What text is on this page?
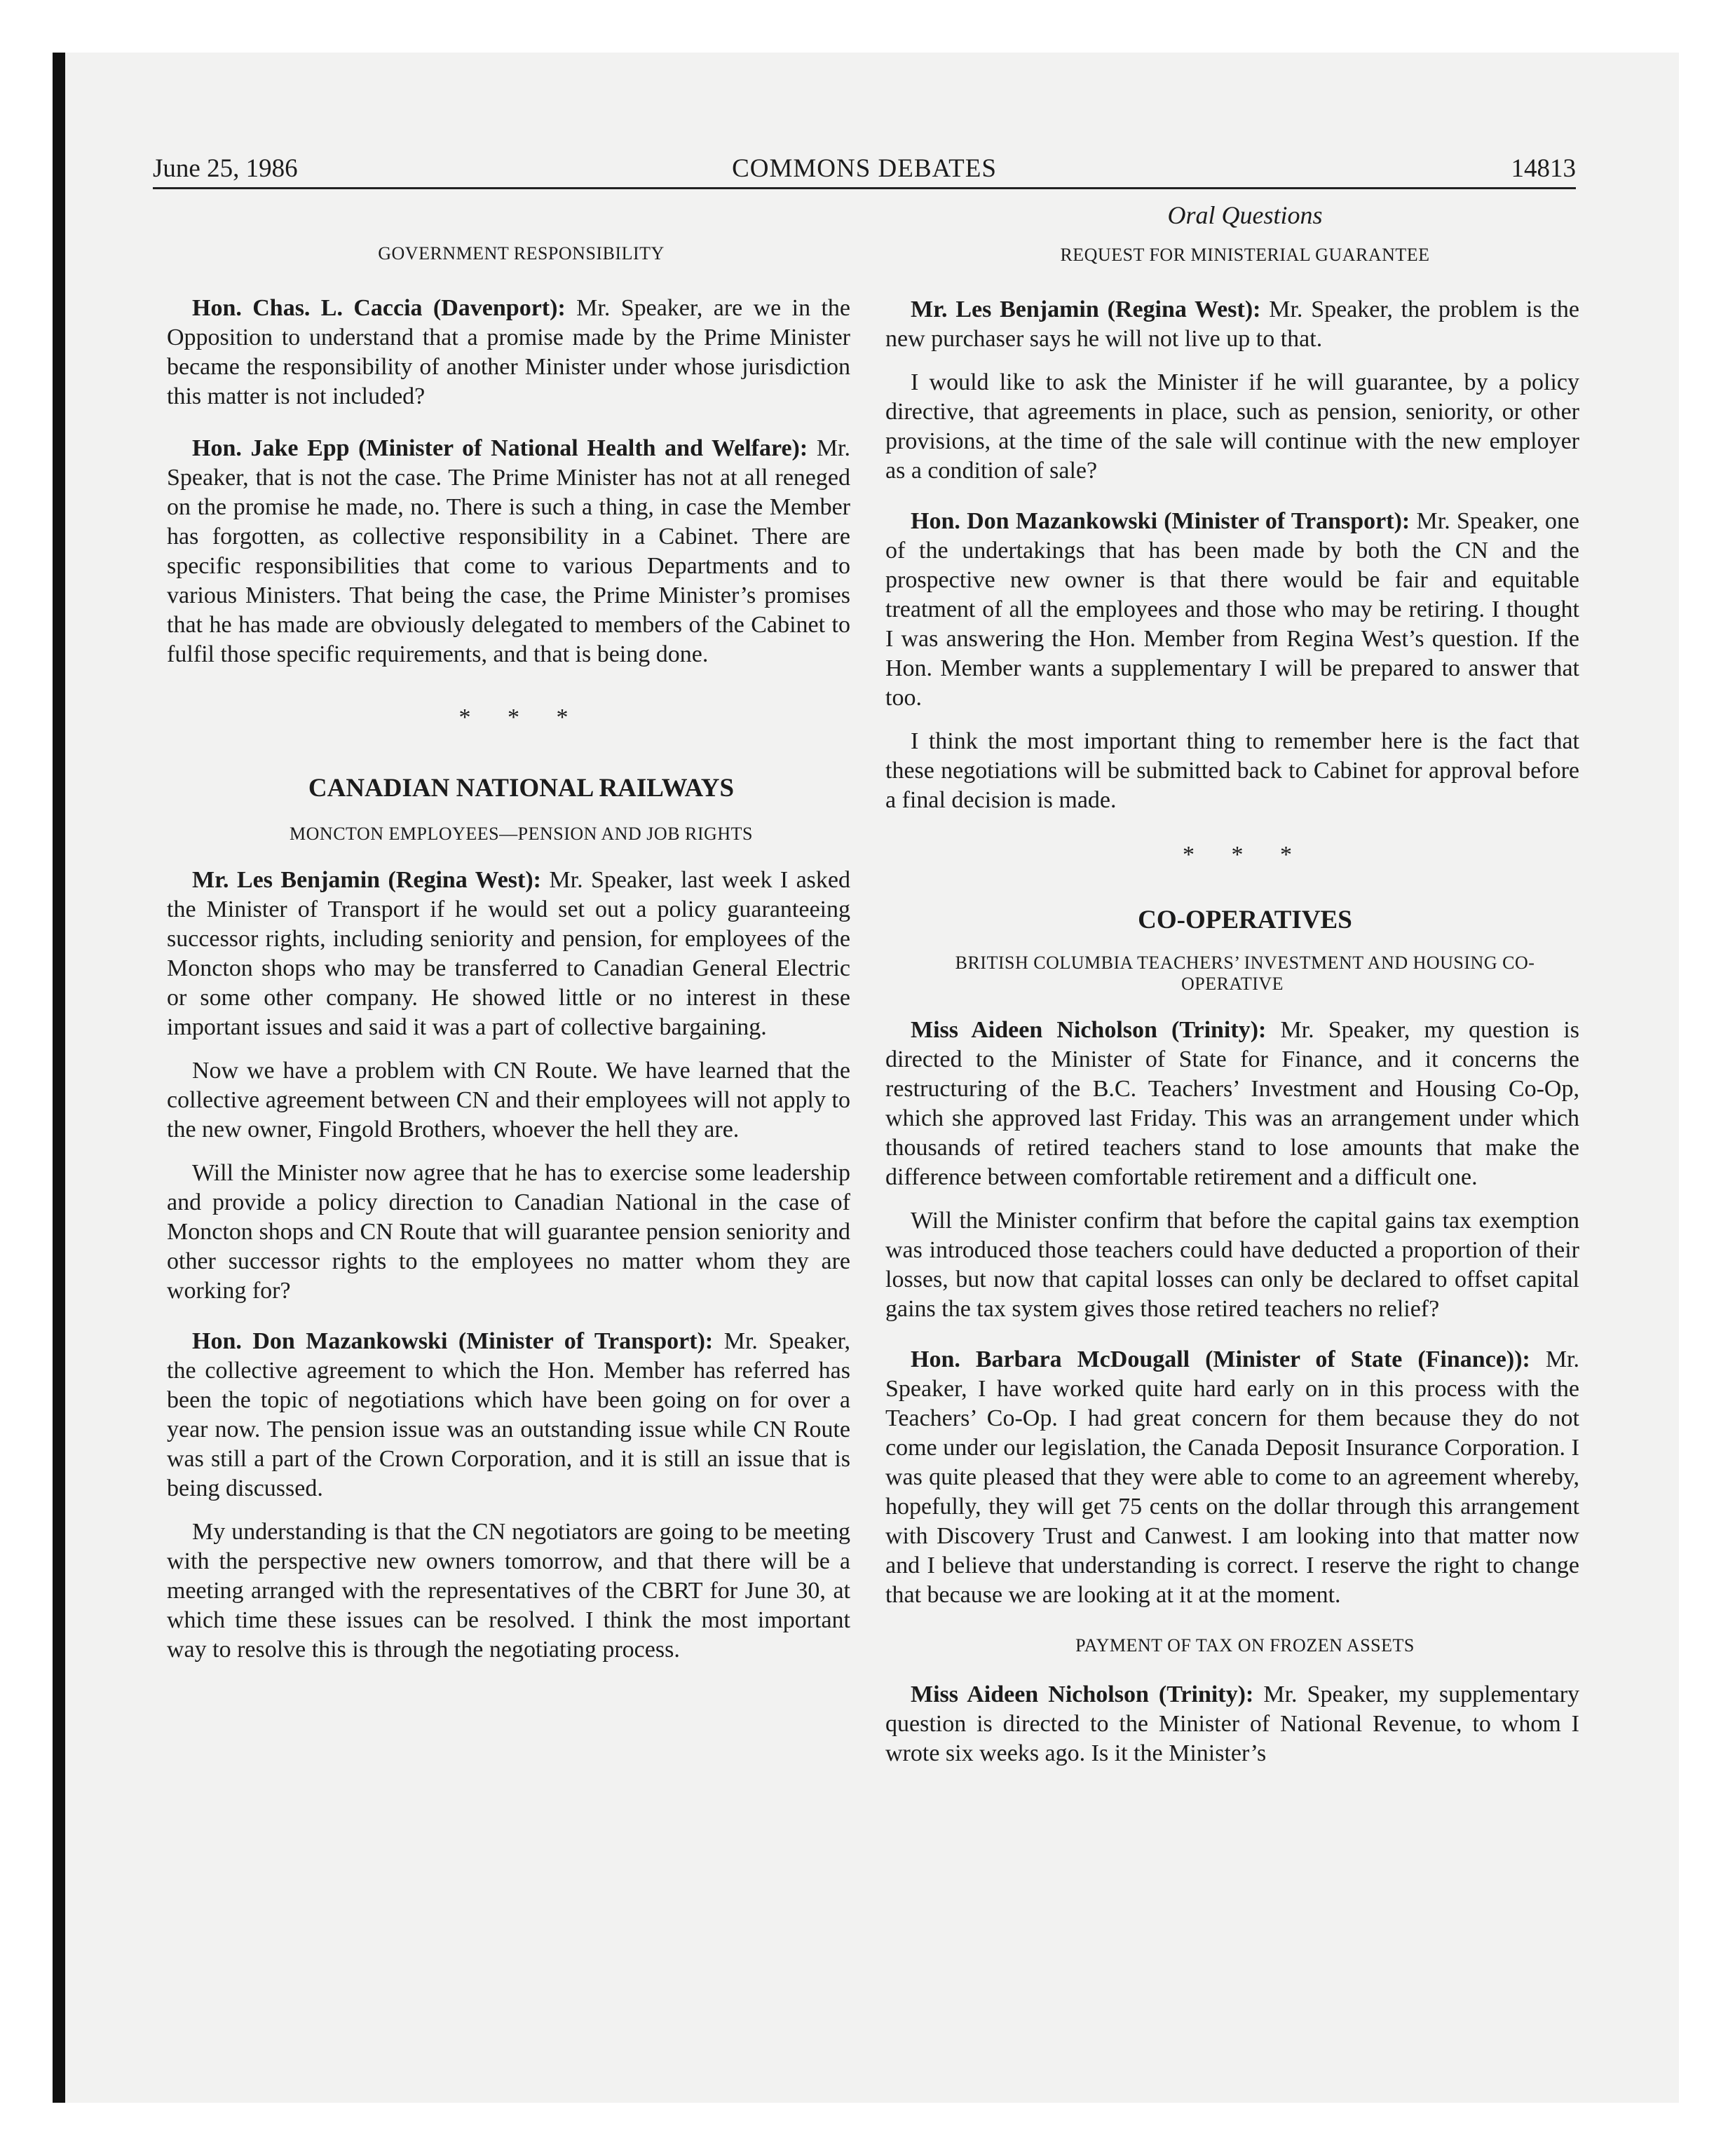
June 25, 1986	COMMONS DEBATES	14813

GOVERNMENT RESPONSIBILITY

Hon. Chas. L. Caccia (Davenport): Mr. Speaker, are we in the Opposition to understand that a promise made by the Prime Minister became the responsibility of another Minister under whose jurisdiction this matter is not included?

Hon. Jake Epp (Minister of National Health and Welfare): Mr. Speaker, that is not the case. The Prime Minister has not at all reneged on the promise he made, no. There is such a thing, in case the Member has forgotten, as collective responsibility in a Cabinet. There are specific responsibilities that come to various Departments and to various Ministers. That being the case, the Prime Minister’s promises that he has made are obviously delegated to members of the Cabinet to fulfil those specific requirements, and that is being done.

* * *

CANADIAN NATIONAL RAILWAYS

MONCTON EMPLOYEES—PENSION AND JOB RIGHTS

Mr. Les Benjamin (Regina West): Mr. Speaker, last week I asked the Minister of Transport if he would set out a policy guaranteeing successor rights, including seniority and pension, for employees of the Moncton shops who may be transferred to Canadian General Electric or some other company. He showed little or no interest in these important issues and said it was a part of collective bargaining.

Now we have a problem with CN Route. We have learned that the collective agreement between CN and their employees will not apply to the new owner, Fingold Brothers, whoever the hell they are.

Will the Minister now agree that he has to exercise some leadership and provide a policy direction to Canadian National in the case of Moncton shops and CN Route that will guarantee pension seniority and other successor rights to the employees no matter whom they are working for?

Hon. Don Mazankowski (Minister of Transport): Mr. Speaker, the collective agreement to which the Hon. Member has referred has been the topic of negotiations which have been going on for over a year now. The pension issue was an outstanding issue while CN Route was still a part of the Crown Corporation, and it is still an issue that is being discussed.

My understanding is that the CN negotiators are going to be meeting with the perspective new owners tomorrow, and that there will be a meeting arranged with the representatives of the CBRT for June 30, at which time these issues can be resolved. I think the most important way to resolve this is through the negotiating process.

Oral Questions

REQUEST FOR MINISTERIAL GUARANTEE

Mr. Les Benjamin (Regina West): Mr. Speaker, the problem is the new purchaser says he will not live up to that.

I would like to ask the Minister if he will guarantee, by a policy directive, that agreements in place, such as pension, seniority, or other provisions, at the time of the sale will continue with the new employer as a condition of sale?

Hon. Don Mazankowski (Minister of Transport): Mr. Speaker, one of the undertakings that has been made by both the CN and the prospective new owner is that there would be fair and equitable treatment of all the employees and those who may be retiring. I thought I was answering the Hon. Member from Regina West’s question. If the Hon. Member wants a supplementary I will be prepared to answer that too.

I think the most important thing to remember here is the fact that these negotiations will be submitted back to Cabinet for approval before a final decision is made.

* * *

CO-OPERATIVES

BRITISH COLUMBIA TEACHERS’ INVESTMENT AND HOUSING CO-OPERATIVE

Miss Aideen Nicholson (Trinity): Mr. Speaker, my question is directed to the Minister of State for Finance, and it concerns the restructuring of the B.C. Teachers’ Investment and Housing Co-Op, which she approved last Friday. This was an arrangement under which thousands of retired teachers stand to lose amounts that make the difference between comfortable retirement and a difficult one.

Will the Minister confirm that before the capital gains tax exemption was introduced those teachers could have deducted a proportion of their losses, but now that capital losses can only be declared to offset capital gains the tax system gives those retired teachers no relief?

Hon. Barbara McDougall (Minister of State (Finance)): Mr. Speaker, I have worked quite hard early on in this process with the Teachers’ Co-Op. I had great concern for them because they do not come under our legislation, the Canada Deposit Insurance Corporation. I was quite pleased that they were able to come to an agreement whereby, hopefully, they will get 75 cents on the dollar through this arrangement with Discovery Trust and Canwest. I am looking into that matter now and I believe that understanding is correct. I reserve the right to change that because we are looking at it at the moment.

PAYMENT OF TAX ON FROZEN ASSETS

Miss Aideen Nicholson (Trinity): Mr. Speaker, my supplementary question is directed to the Minister of National Revenue, to whom I wrote six weeks ago. Is it the Minister’s
